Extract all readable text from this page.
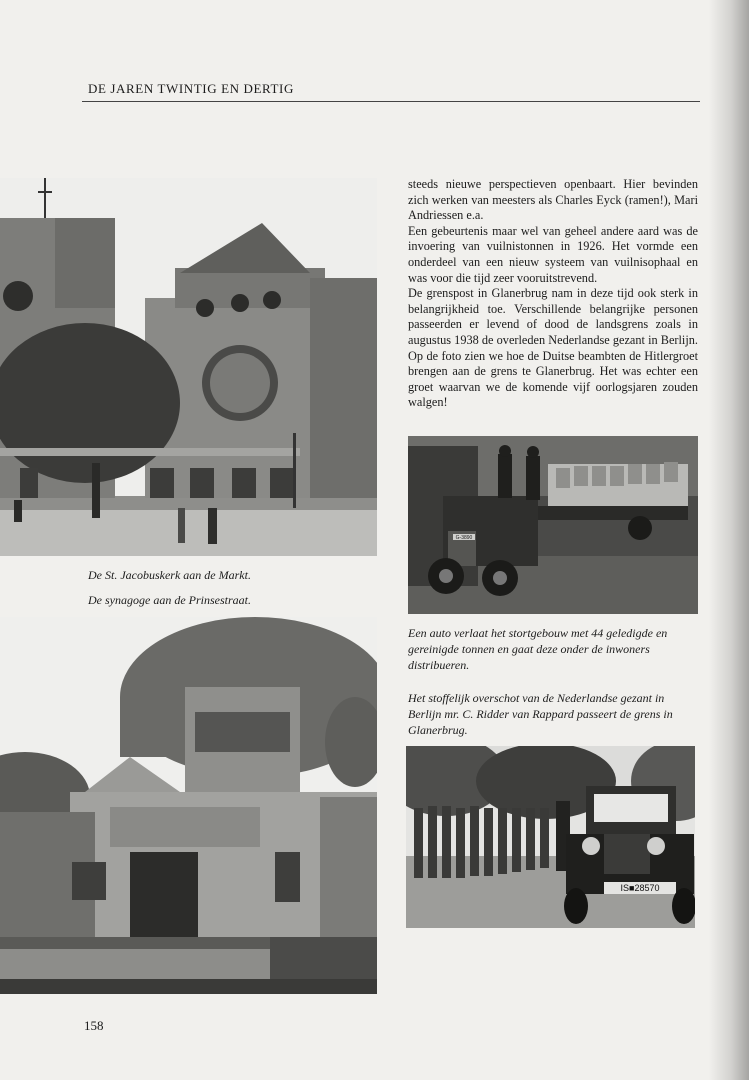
DE JAREN TWINTIG EN DERTIG
De St. Jacobuskerk aan de Markt.
De synagoge aan de Prinsestraat.

steeds nieuwe perspectieven openbaart. Hier bevinden zich werken van meesters als Charles Eyck (ramen!), Mari Andriessen e.a.

Een gebeurtenis maar wel van geheel andere aard was de invoering van vuilnistonnen in 1926. Het vormde een onderdeel van een nieuw systeem van vuilnisophaal en was voor die tijd zeer vooruitstrevend.

De grenspost in Glanerbrug nam in deze tijd ook sterk in belangrijkheid toe. Verschillende belangrijke personen passeerden er levend of dood de landsgrens zoals in augustus 1938 de overleden Nederlandse gezant in Berlijn. Op de foto zien we hoe de Duitse beambten de Hitlergroet brengen aan de grens te Glanerbrug. Het was echter een groet waarvan we de komende vijf oorlogsjaren zouden walgen!

G-3890
Een auto verlaat het stortgebouw met 44 geledigde en gereinigde tonnen en gaat deze onder de inwoners distribueren.
Het stoffelijk overschot van de Nederlandse gezant in Berlijn mr. C. Ridder van Rappard passeert de grens in Glanerbrug.
IS■28570
158
